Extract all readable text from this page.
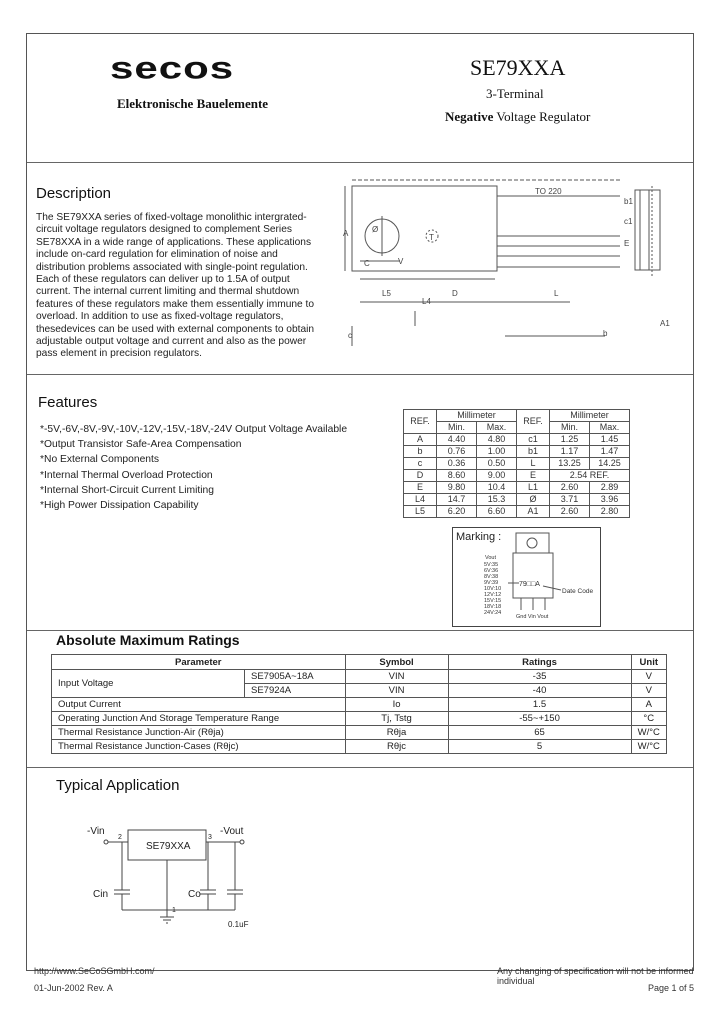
secos
Elektronische Bauelemente
SE79XXA
3-Terminal
Negative Voltage Regulator
Description
The SE79XXA series of fixed-voltage monolithic intergrated-circuit voltage regulators designed to complement Series SE78XXA in a wide range of applications. These applications include on-card regulation for elimination of noise and distribution problems associated with single-point regulation. Each of these regulators can deliver up to 1.5A of output current. The internal current limiting and thermal shutdown features of these regulators make them essentially immune to overload. In addition to use as fixed-voltage regulators, thesedevices can be used with external components to obtain adjustable output voltage and current and also as the power pass element in precision regulators.
TO 220
b1
c1
E
D	L
L5
L4
A
c	b
Ø
A1
C
T
V
Features
*-5V,-6V,-8V,-9V,-10V,-12V,-15V,-18V,-24V Output Voltage Available
*Output Transistor Safe-Area Compensation
*No External Components
*Internal Thermal Overload Protection
*Internal Short-Circuit Current Limiting
*High Power Dissipation Capability
REF.	Millimeter		REF.	Millimeter	
	Min.	Max.		Min.	Max.
A	4.40	4.80	c1	1.25	1.45
b	0.76	1.00	b1	1.17	1.47
c	0.36	0.50	L	13.25	14.25
D	8.60	9.00	E	2.54 REF.	
E	9.80	10.4	L1	2.60	2.89
L4	14.7	15.3	Ø	3.71	3.96
L5	6.20	6.60	A1	2.60	2.80
Marking :
Vout
5V:35
6V:36
8V:38
9V:39
10V:10
12V:12
15V:15
18V:18
24V:24
79□□A
Date Code
Gnd Vin Vout
Absolute Maximum Ratings
Parameter		Symbol	Ratings	Unit
Input Voltage	SE7905A~18A	VIN	-35	V
	SE7924A	VIN	-40	V
Output Current		Io	1.5	A
Operating Junction And Storage Temperature Range		Tj, Tstg	-55~+150	°C
Thermal Resistance Junction-Air (Rθja)		Rθja	65	W/°C
Thermal Resistance Junction-Cases (Rθjc)		Rθjc	5	W/°C
Typical Application
SE79XXA
-Vin	-Vout
Cin	Co
0.1uF
2	3
1
http://www.SeCoSGmbH.com/	Any changing of specification will not be informed individual
01-Jun-2002 Rev. A	Page 1 of 5
